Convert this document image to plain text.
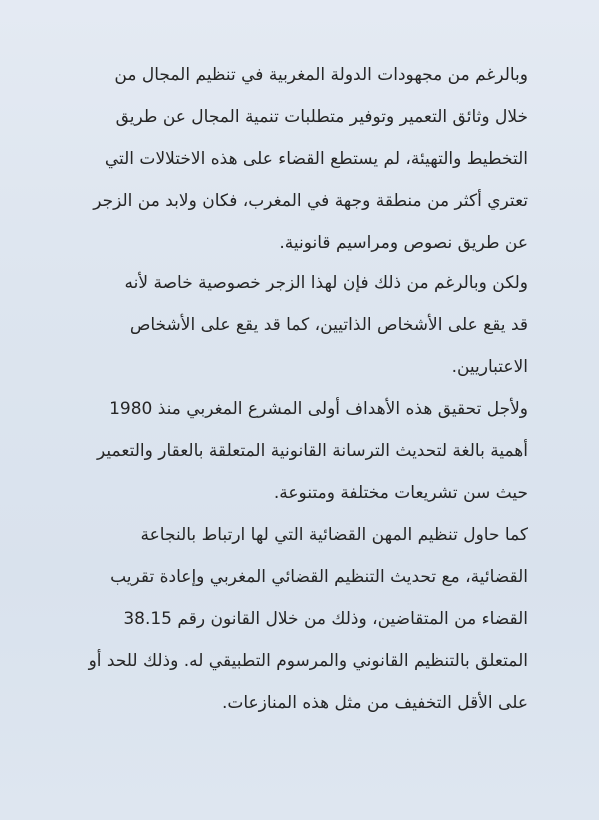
وبالرغم من مجهودات الدولة المغربية في تنظيم المجال من
خلال وثائق التعمير وتوفير متطلبات تنمية المجال عن طريق
التخطيط والتهيئة، لم يستطع القضاء على هذه الاختلالات التي
تعتري أكثر من منطقة وجهة في المغرب، فكان ولابد من الزجر
عن طريق نصوص ومراسيم قانونية.
ولكن وبالرغم من ذلك فإن لهذا الزجر خصوصية خاصة لأنه
قد يقع على الأشخاص الذاتيين، كما قد يقع على الأشخاص
الاعتباريين.
ولأجل تحقيق هذه الأهداف أولى المشرع المغربي منذ 1980
أهمية بالغة لتحديث الترسانة القانونية المتعلقة بالعقار والتعمير
حيث سن تشريعات مختلفة ومتنوعة.
كما حاول تنظيم المهن القضائية التي لها ارتباط بالنجاعة
القضائية، مع تحديث التنظيم القضائي المغربي وإعادة تقريب
القضاء من المتقاضين، وذلك من خلال القانون رقم 38.15
المتعلق بالتنظيم القانوني والمرسوم التطبيقي له. وذلك للحد أو
على الأقل التخفيف من مثل هذه المنازعات.
